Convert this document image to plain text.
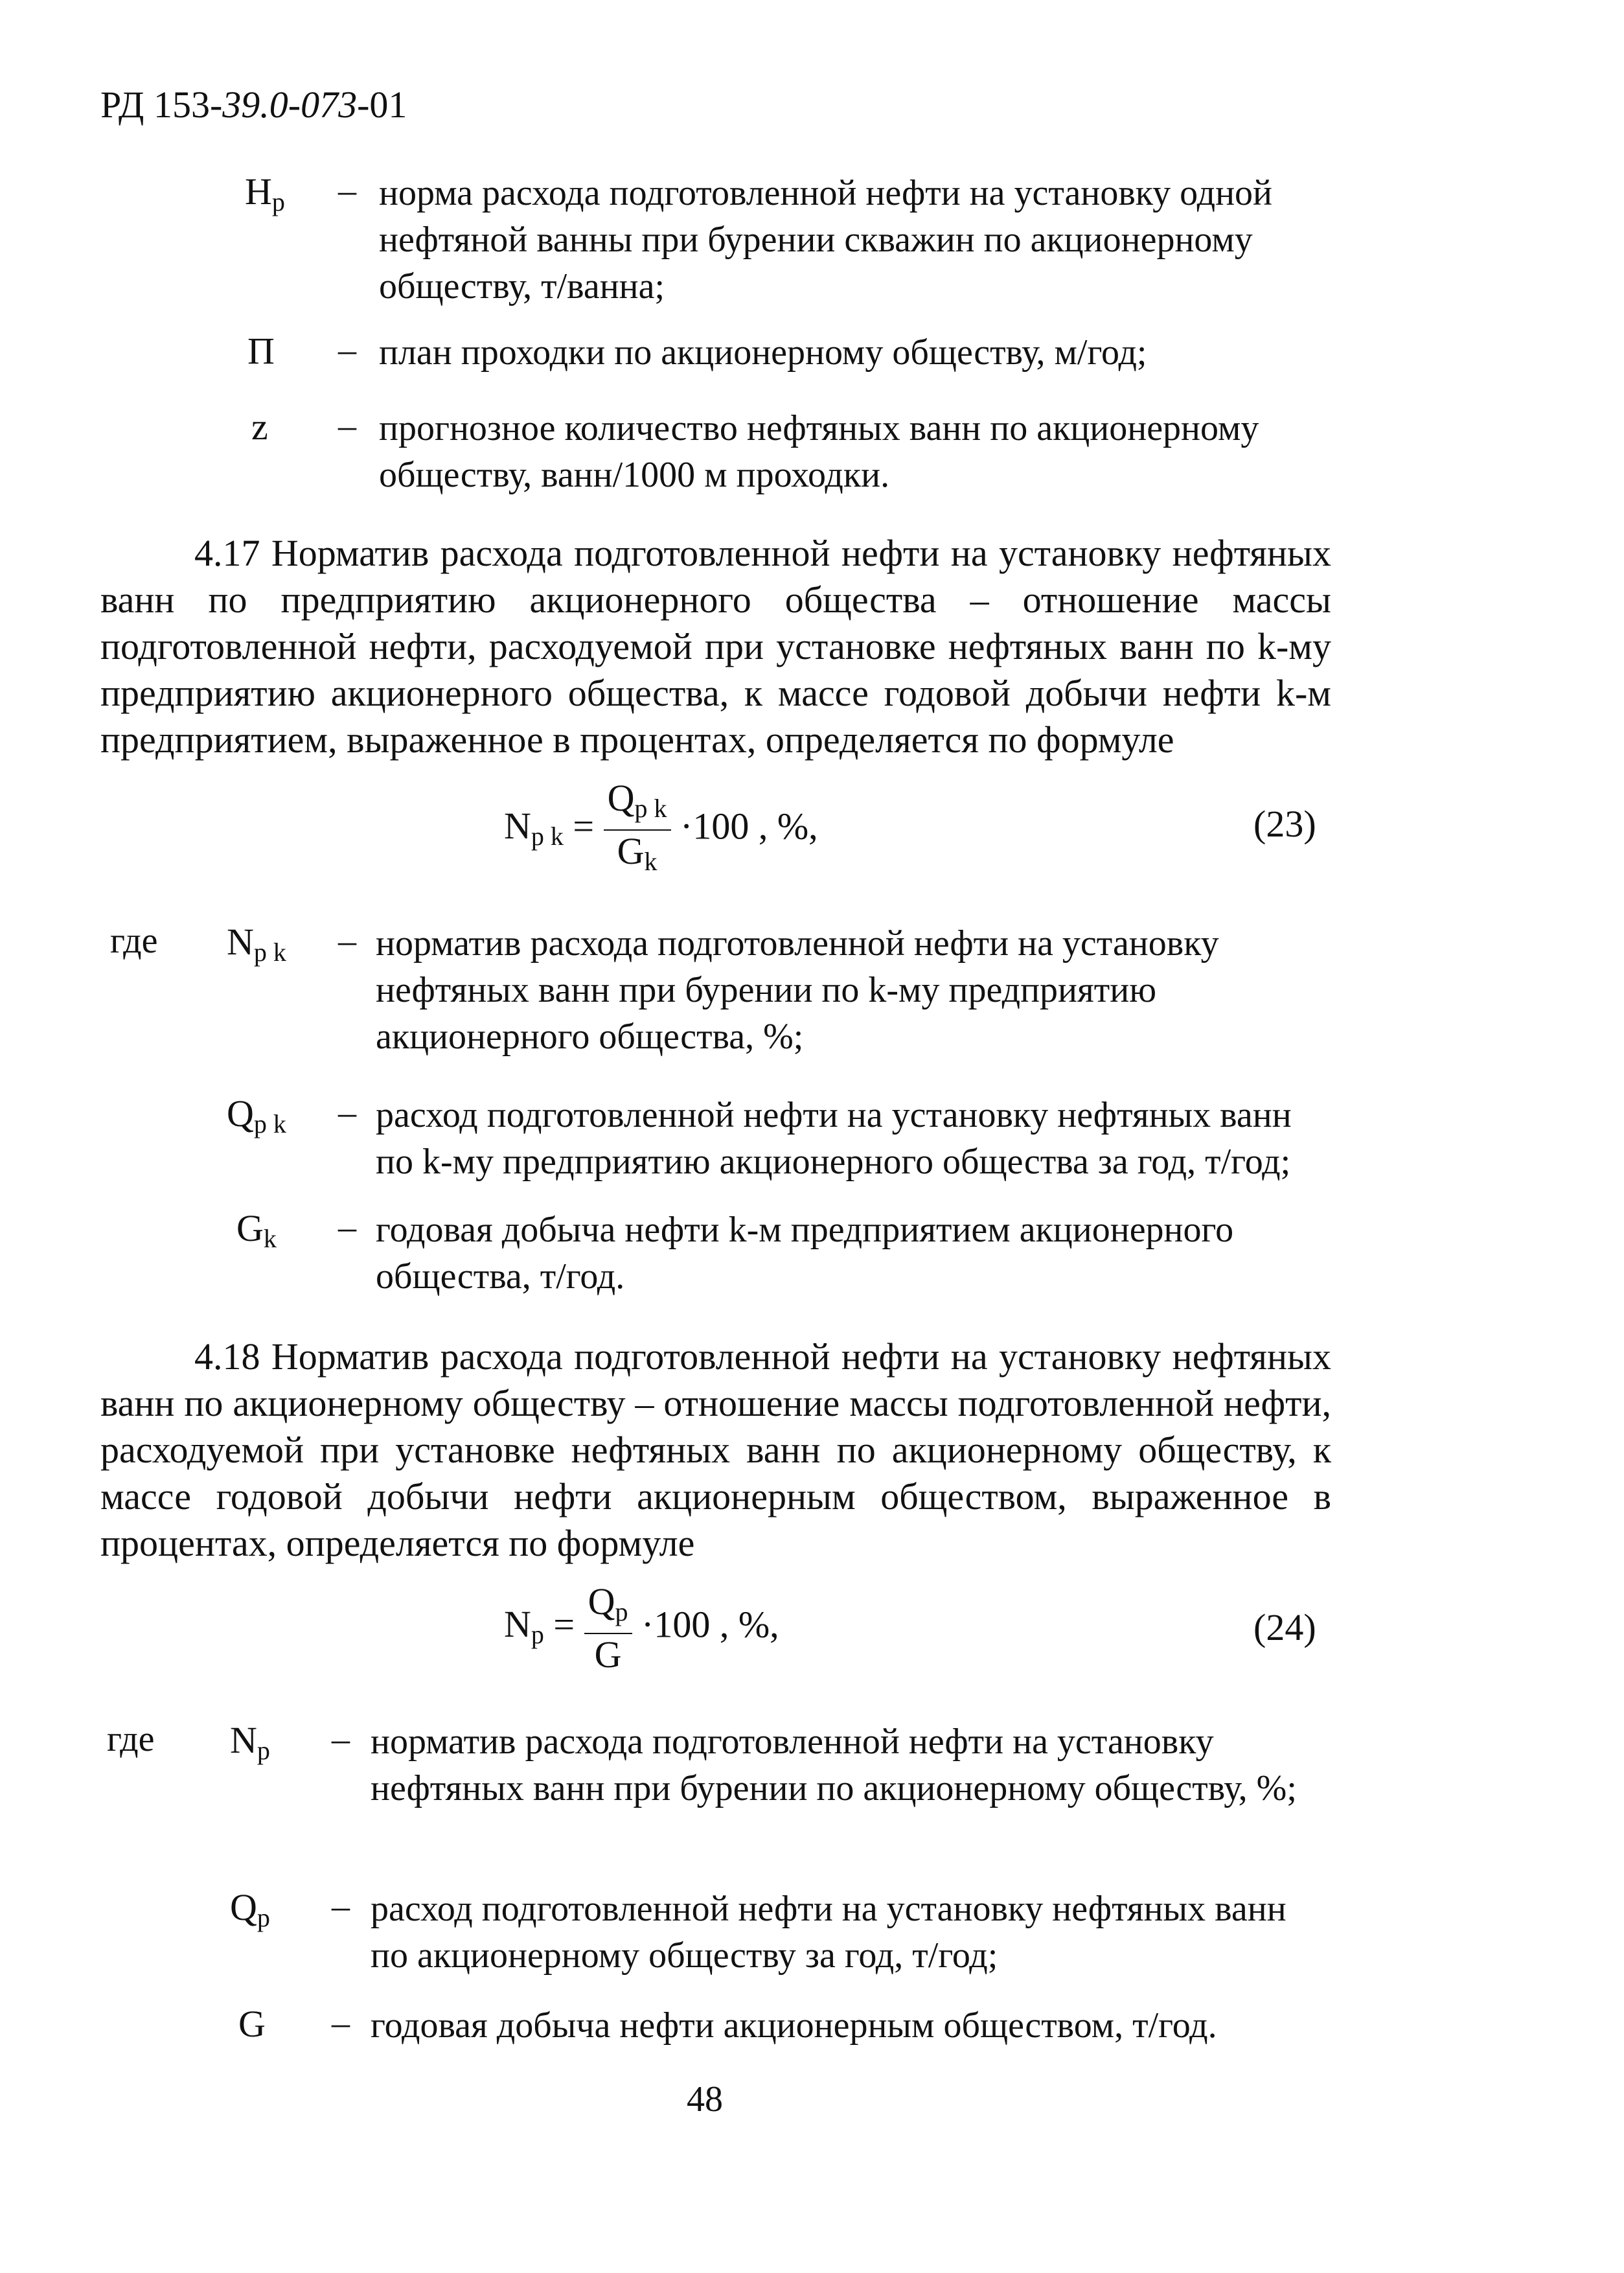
РД 153-39.0-073-01
$H_р$ – норма расхода подготовленной нефти на установку одной нефтяной ванны при бурении скважин по акционерному обществу, т/ванна;
П – план проходки по акционерному обществу, м/год;
z – прогнозное количество нефтяных ванн по акционерному обществу, ванн/1000 м проходки.
4.17 Норматив расхода подготовленной нефти на установку нефтяных ванн по предприятию акционерного общества – отношение массы подготовленной нефти, расходуемой при установке нефтяных ванн по k-му предприятию акционерного общества, к массе годовой добычи нефти k-м предприятием, выраженное в процентах, определяется по формуле
$N_{p k} = \frac{Q_{p k}}{G_k} \cdot 100$ , %,	(23)
где $N_{p k}$ – норматив расхода подготовленной нефти на установку нефтяных ванн при бурении по k-му предприятию акционерного общества, %;
$Q_{p k}$ – расход подготовленной нефти на установку нефтяных ванн по k-му предприятию акционерного общества за год, т/год;
$G_k$ – годовая добыча нефти k-м предприятием акционерного общества, т/год.
4.18 Норматив расхода подготовленной нефти на установку нефтяных ванн по акционерному обществу – отношение массы подготовленной нефти, расходуемой при установке нефтяных ванн по акционерному обществу, к массе годовой добычи нефти акционерным обществом, выраженное в процентах, определяется по формуле
$N_p = \frac{Q_p}{G} \cdot 100$ , %,	(24)
где $N_p$ – норматив расхода подготовленной нефти на установку нефтяных ванн при бурении по акционерному обществу, %;
$Q_p$ – расход подготовленной нефти на установку нефтяных ванн по акционерному обществу за год, т/год;
G – годовая добыча нефти акционерным обществом, т/год.
48
